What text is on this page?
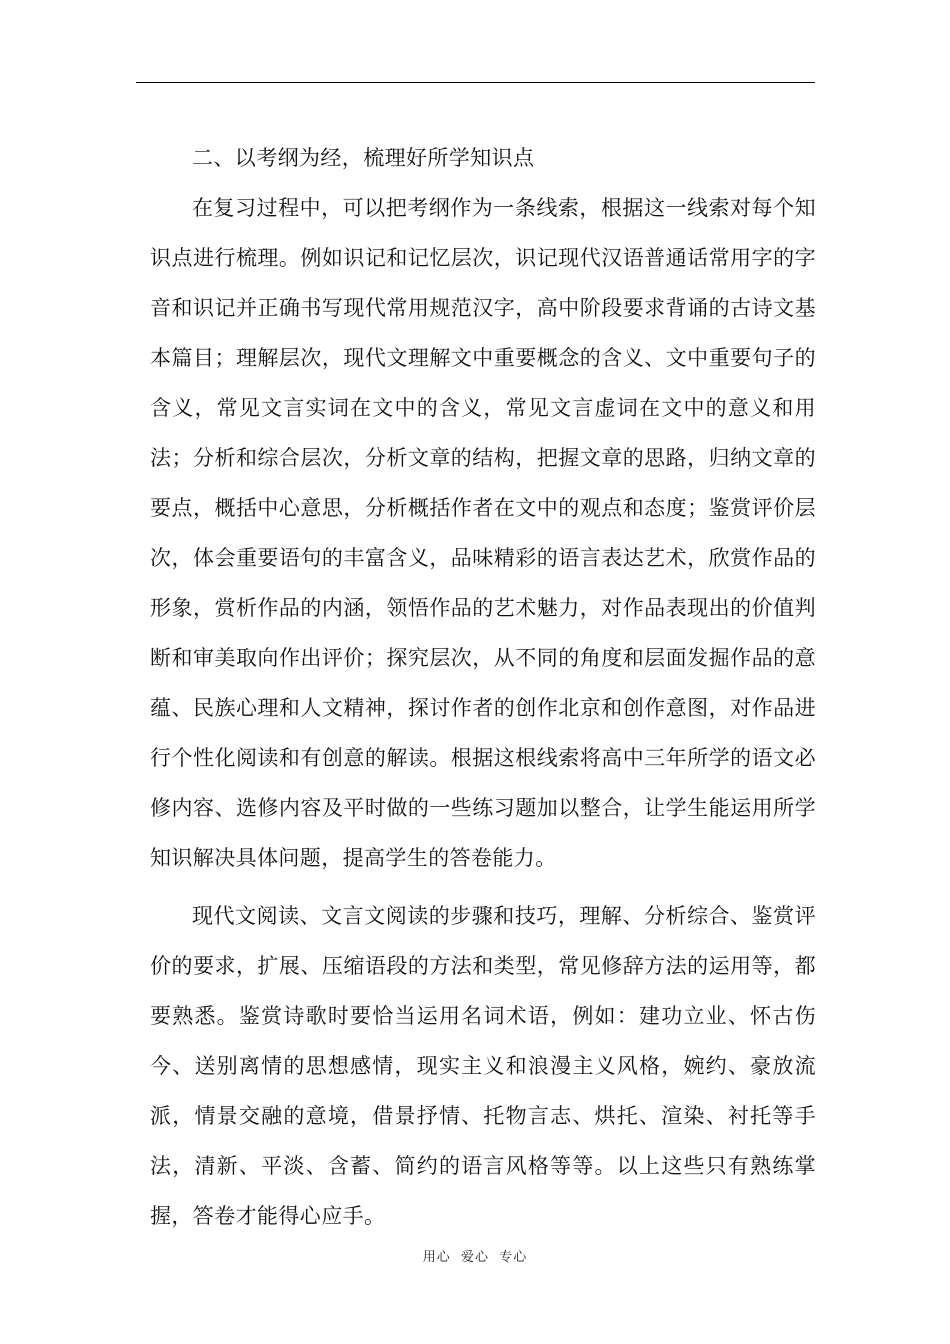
二、以考纲为经，梳理好所学知识点

在复习过程中，可以把考纲作为一条线索，根据这一线索对每个知识点进行梳理。例如识记和记忆层次，识记现代汉语普通话常用字的字音和识记并正确书写现代常用规范汉字，高中阶段要求背诵的古诗文基本篇目；理解层次，现代文理解文中重要概念的含义、文中重要句子的含义，常见文言实词在文中的含义，常见文言虚词在文中的意义和用法；分析和综合层次，分析文章的结构，把握文章的思路，归纳文章的要点，概括中心意思，分析概括作者在文中的观点和态度；鉴赏评价层次，体会重要语句的丰富含义，品味精彩的语言表达艺术，欣赏作品的形象，赏析作品的内涵，领悟作品的艺术魅力，对作品表现出的价值判断和审美取向作出评价；探究层次，从不同的角度和层面发掘作品的意蕴、民族心理和人文精神，探讨作者的创作北京和创作意图，对作品进行个性化阅读和有创意的解读。根据这根线索将高中三年所学的语文必修内容、选修内容及平时做的一些练习题加以整合，让学生能运用所学知识解决具体问题，提高学生的答卷能力。

现代文阅读、文言文阅读的步骤和技巧，理解、分析综合、鉴赏评价的要求，扩展、压缩语段的方法和类型，常见修辞方法的运用等，都要熟悉。鉴赏诗歌时要恰当运用名词术语，例如：建功立业、怀古伤今、送别离情的思想感情，现实主义和浪漫主义风格，婉约、豪放流派，情景交融的意境，借景抒情、托物言志、烘托、渲染、衬托等手法，清新、平淡、含蓄、简约的语言风格等等。以上这些只有熟练掌握，答卷才能得心应手。

用心  爱心  专心
